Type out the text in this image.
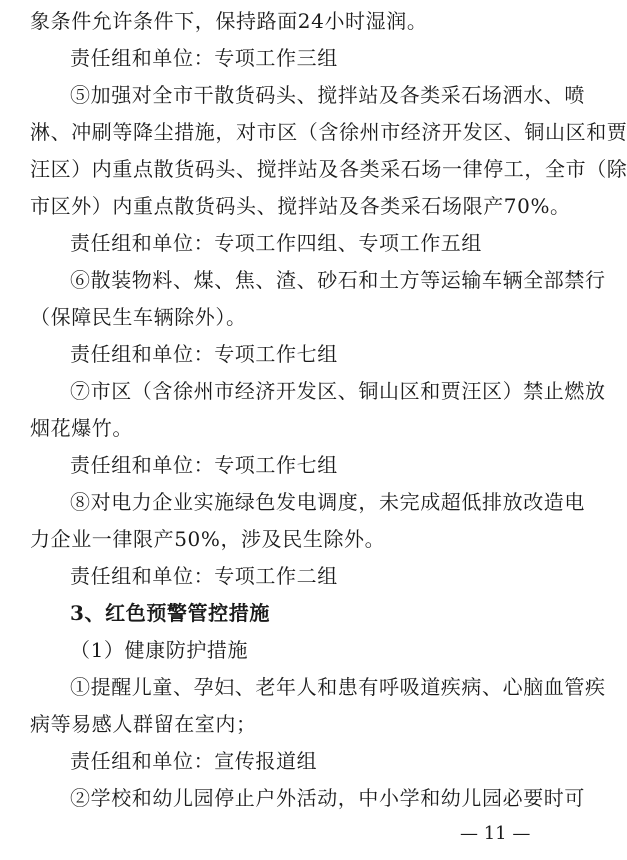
象条件允许条件下，保持路面24小时湿润。
责任组和单位：专项工作三组
⑤加强对全市干散货码头、搅拌站及各类采石场洒水、喷
淋、冲刷等降尘措施，对市区（含徐州市经济开发区、铜山区和贾
汪区）内重点散货码头、搅拌站及各类采石场一律停工，全市（除
市区外）内重点散货码头、搅拌站及各类采石场限产70%。
责任组和单位：专项工作四组、专项工作五组
⑥散装物料、煤、焦、渣、砂石和土方等运输车辆全部禁行
（保障民生车辆除外）。
责任组和单位：专项工作七组
⑦市区（含徐州市经济开发区、铜山区和贾汪区）禁止燃放
烟花爆竹。
责任组和单位：专项工作七组
⑧对电力企业实施绿色发电调度，未完成超低排放改造电
力企业一律限产50%，涉及民生除外。
责任组和单位：专项工作二组
3、红色预警管控措施
（1）健康防护措施
①提醒儿童、孕妇、老年人和患有呼吸道疾病、心脑血管疾
病等易感人群留在室内；
责任组和单位：宣传报道组
②学校和幼儿园停止户外活动，中小学和幼儿园必要时可
— 11 —
